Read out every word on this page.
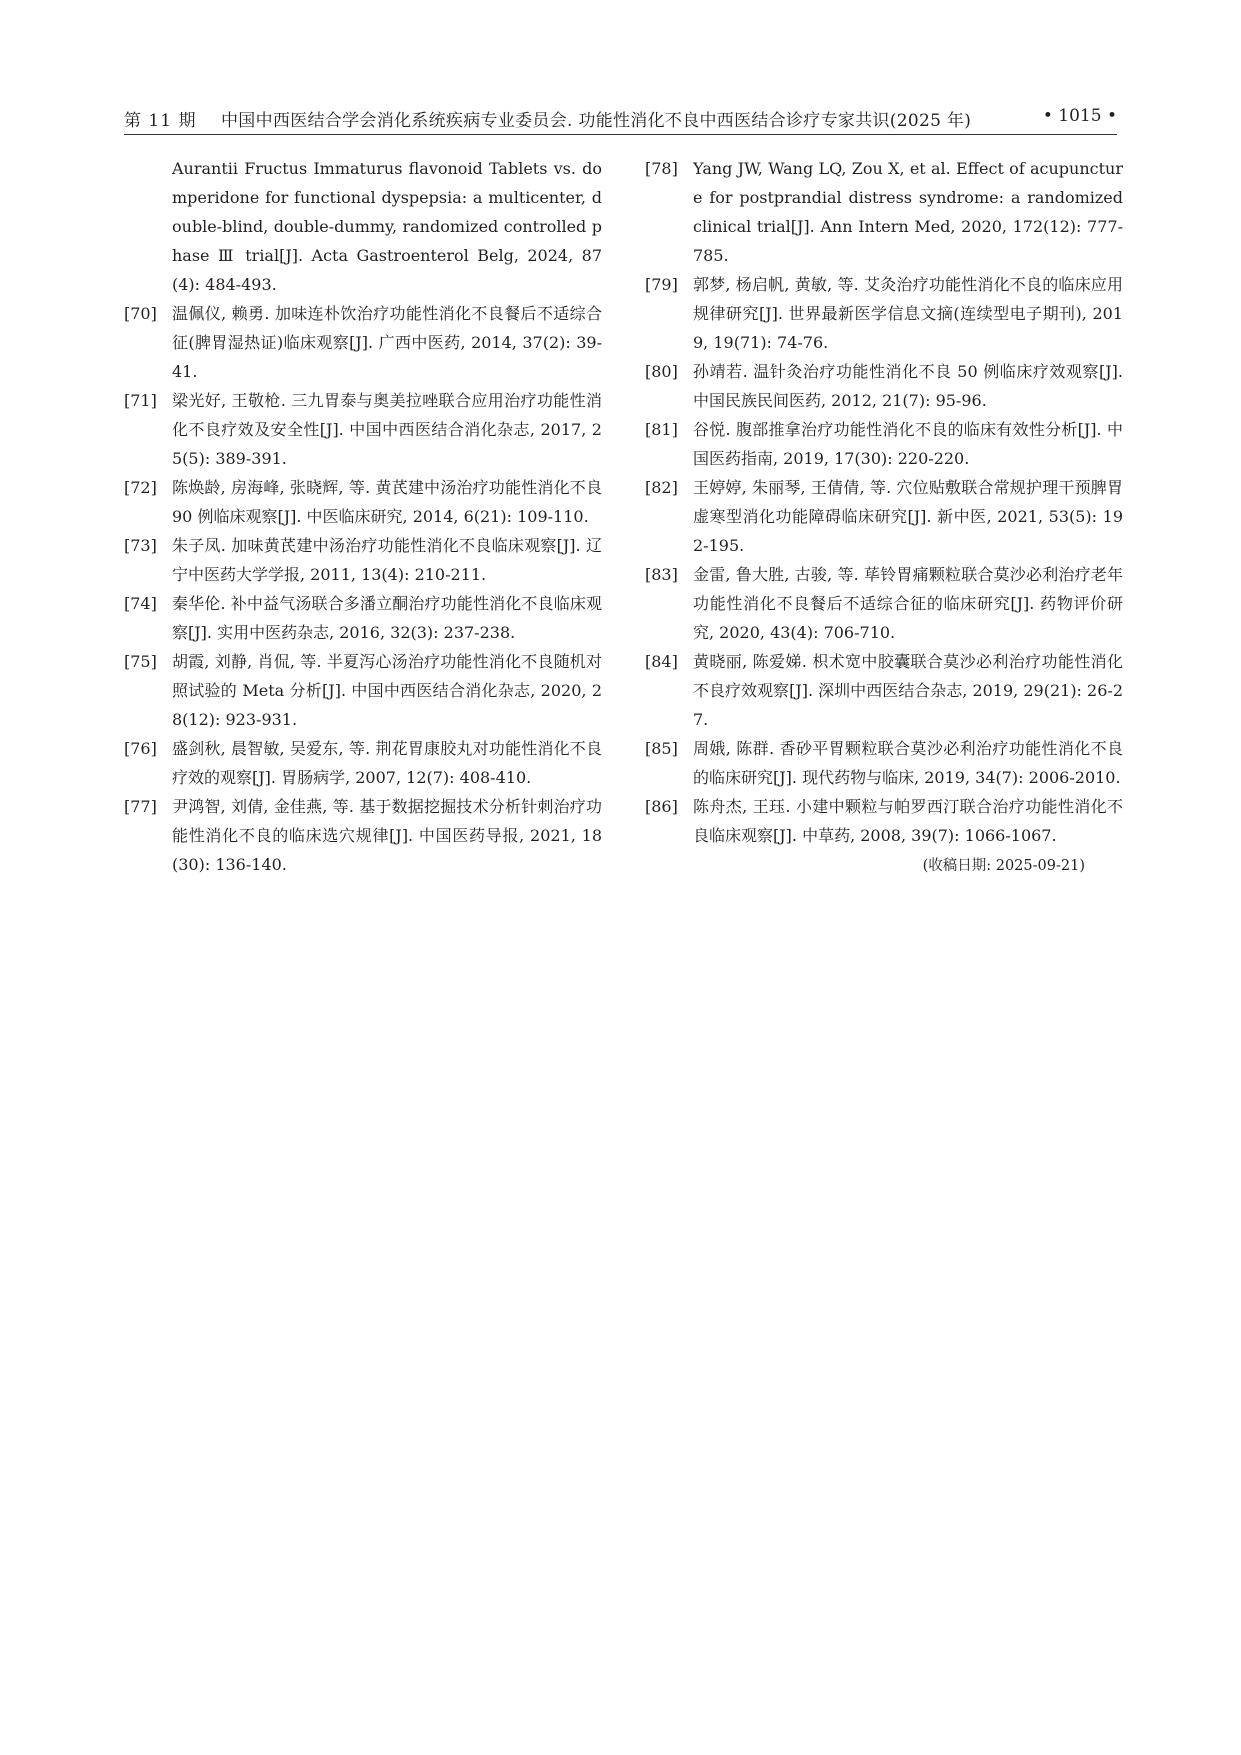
第 11 期 中国中西医结合学会消化系统疾病专业委员会. 功能性消化不良中西医结合诊疗专家共识(2025 年)	• 1015 •

Aurantii Fructus Immaturus flavonoid Tablets vs. domperidone for functional dyspepsia: a multicenter, double-blind, double-dummy, randomized controlled phase Ⅲ trial[J]. Acta Gastroenterol Belg, 2024, 87(4): 484-493.

[70] 温佩仪, 赖勇. 加味连朴饮治疗功能性消化不良餐后不适综合征(脾胃湿热证)临床观察[J]. 广西中医药, 2014, 37(2): 39-41.

[71] 梁光好, 王敬枪. 三九胃泰与奥美拉唑联合应用治疗功能性消化不良疗效及安全性[J]. 中国中西医结合消化杂志, 2017, 25(5): 389-391.

[72] 陈焕龄, 房海峰, 张晓辉, 等. 黄芪建中汤治疗功能性消化不良 90 例临床观察[J]. 中医临床研究, 2014, 6(21): 109-110.

[73] 朱子凤. 加味黄芪建中汤治疗功能性消化不良临床观察[J]. 辽宁中医药大学学报, 2011, 13(4): 210-211.

[74] 秦华伦. 补中益气汤联合多潘立酮治疗功能性消化不良临床观察[J]. 实用中医药杂志, 2016, 32(3): 237-238.

[75] 胡霞, 刘静, 肖侃, 等. 半夏泻心汤治疗功能性消化不良随机对照试验的 Meta 分析[J]. 中国中西医结合消化杂志, 2020, 28(12): 923-931.

[76] 盛剑秋, 晨智敏, 吴爱东, 等. 荆花胃康胶丸对功能性消化不良疗效的观察[J]. 胃肠病学, 2007, 12(7): 408-410.

[77] 尹鸿智, 刘倩, 金佳燕, 等. 基于数据挖掘技术分析针刺治疗功能性消化不良的临床选穴规律[J]. 中国医药导报, 2021, 18(30): 136-140.

[78] Yang JW, Wang LQ, Zou X, et al. Effect of acupuncture for postprandial distress syndrome: a randomized clinical trial[J]. Ann Intern Med, 2020, 172(12): 777-785.

[79] 郭梦, 杨启帆, 黄敏, 等. 艾灸治疗功能性消化不良的临床应用规律研究[J]. 世界最新医学信息文摘(连续型电子期刊), 2019, 19(71): 74-76.

[80] 孙靖若. 温针灸治疗功能性消化不良 50 例临床疗效观察[J]. 中国民族民间医药, 2012, 21(7): 95-96.

[81] 谷悦. 腹部推拿治疗功能性消化不良的临床有效性分析[J]. 中国医药指南, 2019, 17(30): 220-220.

[82] 王婷婷, 朱丽琴, 王倩倩, 等. 穴位贴敷联合常规护理干预脾胃虚寒型消化功能障碍临床研究[J]. 新中医, 2021, 53(5): 192-195.

[83] 金雷, 鲁大胜, 古骏, 等. 荜铃胃痛颗粒联合莫沙必利治疗老年功能性消化不良餐后不适综合征的临床研究[J]. 药物评价研究, 2020, 43(4): 706-710.

[84] 黄晓丽, 陈爱娣. 枳术宽中胶囊联合莫沙必利治疗功能性消化不良疗效观察[J]. 深圳中西医结合杂志, 2019, 29(21): 26-27.

[85] 周娥, 陈群. 香砂平胃颗粒联合莫沙必利治疗功能性消化不良的临床研究[J]. 现代药物与临床, 2019, 34(7): 2006-2010.

[86] 陈舟杰, 王珏. 小建中颗粒与帕罗西汀联合治疗功能性消化不良临床观察[J]. 中草药, 2008, 39(7): 1066-1067.

(收稿日期: 2025-09-21)
